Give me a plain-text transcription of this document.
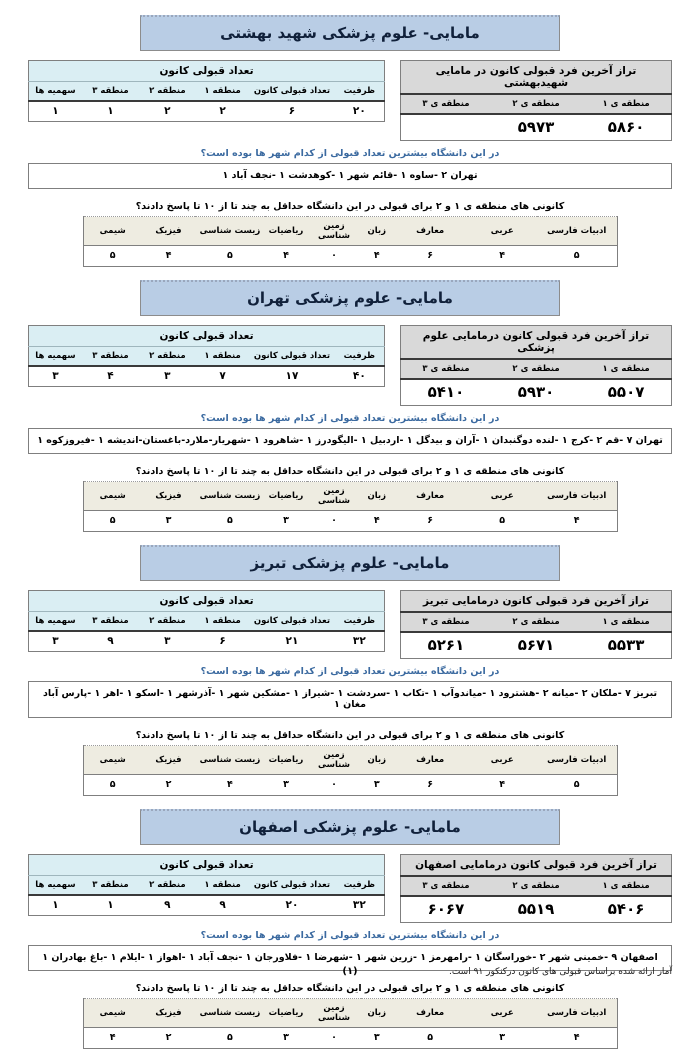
مامایی- علوم پزشکی شهید بهشتی
تراز آخرین فرد قبولی کانون در مامایی شهیدبهشتی		
منطقه ی ۱	منطقه ی ۲	منطقه ی ۳
۵۸۶۰	۵۹۷۳	
تعداد قبولی کانون					
ظرفیت	تعداد قبولی کانون	منطقه ۱	منطقه ۲	منطقه ۳	سهمیه ها
۲۰	۶	۲	۲	۱	۱
در این دانشگاه بیشترین تعداد قبولی از کدام شهر ها بوده است؟
تهران ۲ -ساوه ۱ -قائم شهر ۱ -کوهدشت ۱ -نجف آباد ۱
کانونی های منطقه ی ۱ و ۲ برای قبولی در این دانشگاه حداقل به چند تا از ۱۰ تا پاسخ دادند؟
ادبیات فارسی	عربی	معارف	زبان	زمین شناسی	ریاضیات	زیست شناسی	فیزیک	شیمی
۵	۴	۶	۴	۰	۴	۵	۴	۵
مامایی- علوم پزشکی تهران
تراز آخرین فرد قبولی کانون درمامایی علوم پزشکی		
منطقه ی ۱	منطقه ی ۲	منطقه ی ۳
۵۵۰۷	۵۹۳۰	۵۴۱۰
تعداد قبولی کانون					
ظرفیت	تعداد قبولی کانون	منطقه ۱	منطقه ۲	منطقه ۳	سهمیه ها
۴۰	۱۷	۷	۳	۴	۳
در این دانشگاه بیشترین تعداد قبولی از کدام شهر ها بوده است؟
تهران ۷ -قم ۲ -کرج ۱ -لنده دوگنبدان ۱ -آران و بیدگل ۱ -اردبیل ۱ -الیگودرز ۱ -شاهرود ۱ -شهریار-ملارد-باغستان-اندیشه ۱ -فیروزکوه ۱
کانونی های منطقه ی ۱ و ۲ برای قبولی در این دانشگاه حداقل به چند تا از ۱۰ تا پاسخ دادند؟
ادبیات فارسی	عربی	معارف	زبان	زمین شناسی	ریاضیات	زیست شناسی	فیزیک	شیمی
۴	۵	۶	۴	۰	۳	۵	۳	۵
مامایی- علوم پزشکی تبریز
تراز آخرین فرد قبولی کانون درمامایی تبریز		
منطقه ی ۱	منطقه ی ۲	منطقه ی ۳
۵۵۳۳	۵۶۷۱	۵۲۶۱
تعداد قبولی کانون					
ظرفیت	تعداد قبولی کانون	منطقه ۱	منطقه ۲	منطقه ۳	سهمیه ها
۳۲	۲۱	۶	۳	۹	۳
در این دانشگاه بیشترین تعداد قبولی از کدام شهر ها بوده است؟
تبریز ۷ -ملکان ۲ -میانه ۲ -هشترود ۱ -میاندوآب ۱ -تکاب ۱ -سردشت ۱ -شیراز ۱ -مشکین شهر ۱ -آذرشهر ۱ -اسکو ۱ -اهر ۱ -پارس آباد مغان ۱
کانونی های منطقه ی ۱ و ۲ برای قبولی در این دانشگاه حداقل به چند تا از ۱۰ تا پاسخ دادند؟
ادبیات فارسی	عربی	معارف	زبان	زمین شناسی	ریاضیات	زیست شناسی	فیزیک	شیمی
۵	۴	۶	۳	۰	۳	۴	۲	۵
مامایی- علوم پزشکی اصفهان
تراز آخرین فرد قبولی کانون درمامایی اصفهان		
منطقه ی ۱	منطقه ی ۲	منطقه ی ۳
۵۴۰۶	۵۵۱۹	۶۰۶۷
تعداد قبولی کانون					
ظرفیت	تعداد قبولی کانون	منطقه ۱	منطقه ۲	منطقه ۳	سهمیه ها
۳۲	۲۰	۹	۹	۱	۱
در این دانشگاه بیشترین تعداد قبولی از کدام شهر ها بوده است؟
اصفهان ۹ -خمینی شهر ۲ -خوراسگان ۱ -رامهرمز ۱ -زرین شهر ۱ -شهرضا ۱ -فلاورجان ۱ -نجف آباد ۱ -اهواز ۱ -ایلام ۱ -باغ بهادران ۱
کانونی های منطقه ی ۱ و ۲ برای قبولی در این دانشگاه حداقل به چند تا از ۱۰ تا پاسخ دادند؟
ادبیات فارسی	عربی	معارف	زبان	زمین شناسی	ریاضیات	زیست شناسی	فیزیک	شیمی
۴	۳	۵	۳	۰	۳	۵	۲	۴
آمار ارائه شده براساس قبولی های کانون درکنکور ۹۱ است.
(۱)
